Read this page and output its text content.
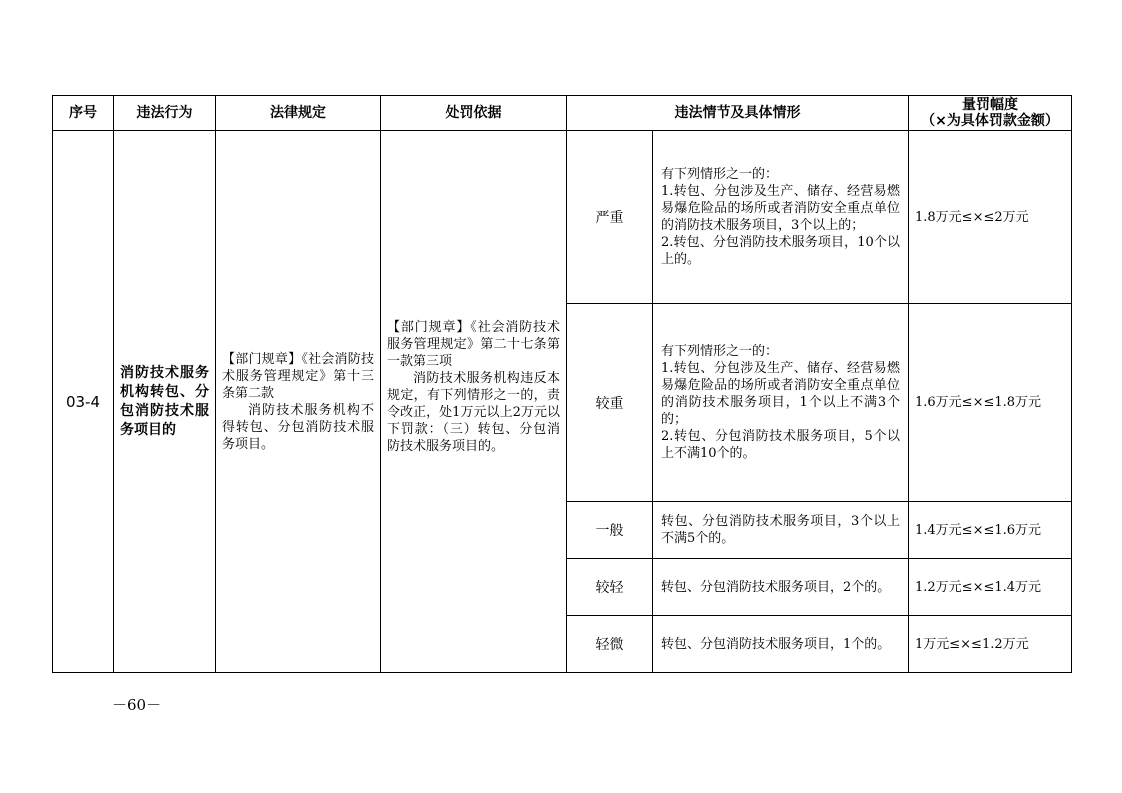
序号	违法行为	法律规定	处罚依据	违法情节及具体情形		量罚幅度
（×为具体罚款金额）

03-4	消防技术服务机构转包、分包消防技术服务项目的	【部门规章】《社会消防技术服务管理规定》第十三条第二款
消防技术服务机构不得转包、分包消防技术服务项目。	【部门规章】《社会消防技术服务管理规定》第二十七条第一款第三项
消防技术服务机构违反本规定，有下列情形之一的，责令改正，处1万元以上2万元以下罚款：（三）转包、分包消防技术服务项目的。	严重	有下列情形之一的：
1.转包、分包涉及生产、储存、经营易燃易爆危险品的场所或者消防安全重点单位的消防技术服务项目，3个以上的；
2.转包、分包消防技术服务项目，10个以上的。	1.8万元≤×≤2万元
				较重	有下列情形之一的：
1.转包、分包涉及生产、储存、经营易燃易爆危险品的场所或者消防安全重点单位的消防技术服务项目，1个以上不满3个的；
2.转包、分包消防技术服务项目，5个以上不满10个的。	1.6万元≤×≤1.8万元
				一般	转包、分包消防技术服务项目，3个以上不满5个的。	1.4万元≤×≤1.6万元
				较轻	转包、分包消防技术服务项目，2个的。	1.2万元≤×≤1.4万元
				轻微	转包、分包消防技术服务项目，1个的。	1万元≤×≤1.2万元
－60－
